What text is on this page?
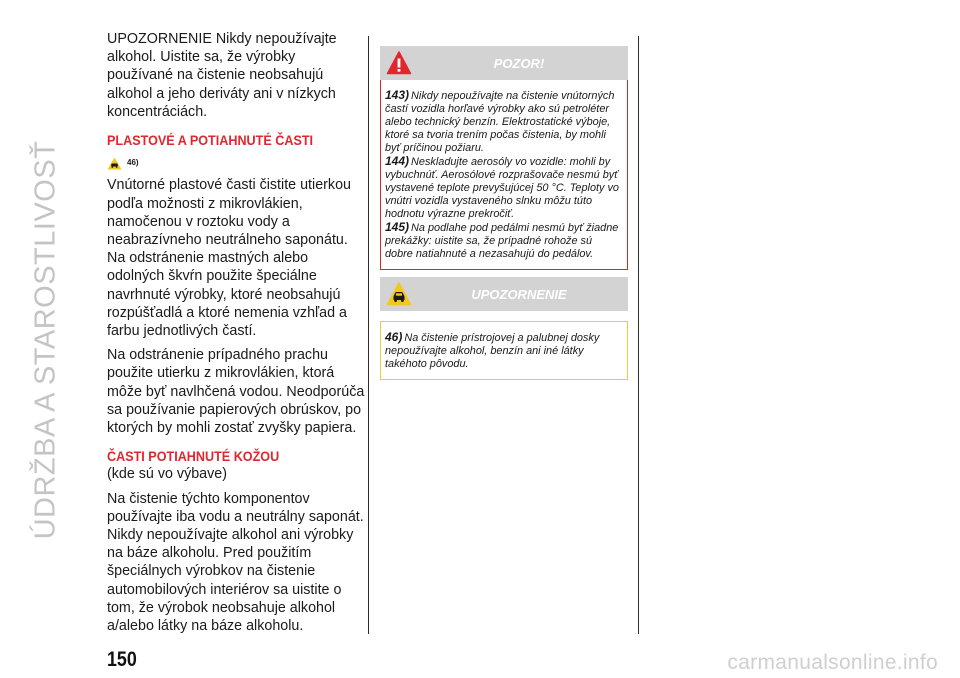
ÚDRŽBA A STAROSTLIVOSŤ

UPOZORNENIE Nikdy nepoužívajte alkohol. Uistite sa, že výrobky používané na čistenie neobsahujú alkohol a jeho deriváty ani v nízkych koncentráciách.

PLASTOVÉ A POTIAHNUTÉ ČASTI
46)

Vnútorné plastové časti čistite utierkou podľa možnosti z mikrovlákien, namočenou v roztoku vody a neabrazívneho neutrálneho saponátu. Na odstránenie mastných alebo odolných škvŕn použite špeciálne navrhnuté výrobky, ktoré neobsahujú rozpúšťadlá a ktoré nemenia vzhľad a farbu jednotlivých častí.

Na odstránenie prípadného prachu použite utierku z mikrovlákien, ktorá môže byť navlhčená vodou. Neodporúča sa používanie papierových obrúskov, po ktorých by mohli zostať zvyšky papiera.

ČASTI POTIAHNUTÉ KOŽOU

(kde sú vo výbave)

Na čistenie týchto komponentov používajte iba vodu a neutrálny saponát. Nikdy nepoužívajte alkohol ani výrobky na báze alkoholu. Pred použitím špeciálnych výrobkov na čistenie automobilových interiérov sa uistite o tom, že výrobok neobsahuje alkohol a/alebo látky na báze alkoholu.

POZOR!

143) Nikdy nepoužívajte na čistenie vnútorných častí vozidla horľavé výrobky ako sú petroléter alebo technický benzín. Elektrostatické výboje, ktoré sa tvoria trením počas čistenia, by mohli byť príčinou požiaru.

144) Neskladujte aerosóly vo vozidle: mohli by vybuchnúť. Aerosólové rozprašovače nesmú byť vystavené teplote prevyšujúcej 50 °C. Teploty vo vnútri vozidla vystaveného slnku môžu túto hodnotu výrazne prekročiť.

145) Na podlahe pod pedálmi nesmú byť žiadne prekážky: uistite sa, že prípadné rohože sú dobre natiahnuté a nezasahujú do pedálov.

UPOZORNENIE

46) Na čistenie prístrojovej a palubnej dosky nepoužívajte alkohol, benzín ani iné látky takéhoto pôvodu.

150	carmanualsonline.info
